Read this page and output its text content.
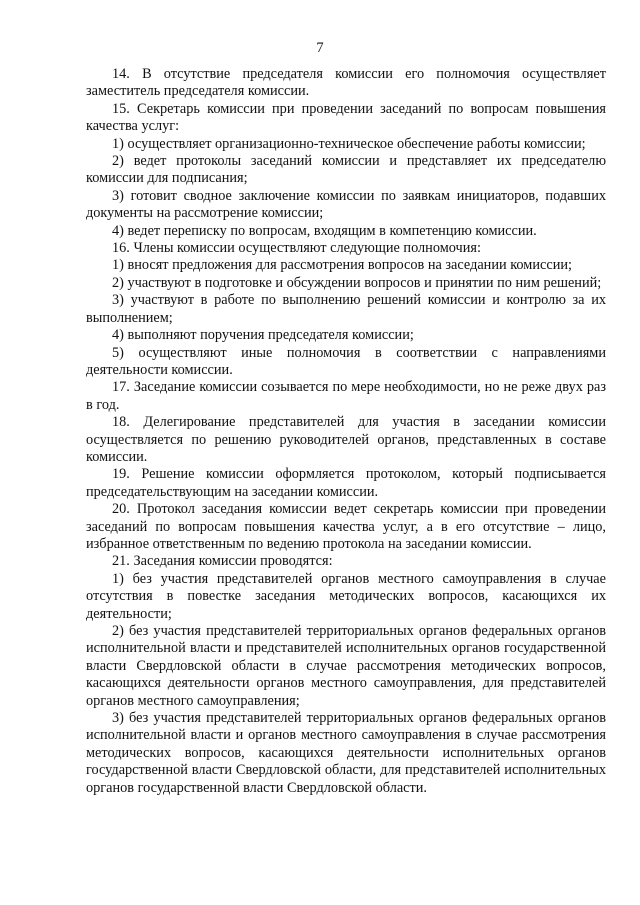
7

14. В отсутствие председателя комиссии его полномочия осуществляет заместитель председателя комиссии.

15. Секретарь комиссии при проведении заседаний по вопросам повышения качества услуг:

1) осуществляет организационно-техническое обеспечение работы комиссии;

2) ведет протоколы заседаний комиссии и представляет их председателю комиссии для подписания;

3) готовит сводное заключение комиссии по заявкам инициаторов, подавших документы на рассмотрение комиссии;

4) ведет переписку по вопросам, входящим в компетенцию комиссии.

16. Члены комиссии осуществляют следующие полномочия:

1) вносят предложения для рассмотрения вопросов на заседании комиссии;

2) участвуют в подготовке и обсуждении вопросов и принятии по ним решений;

3) участвуют в работе по выполнению решений комиссии и контролю за их выполнением;

4) выполняют поручения председателя комиссии;

5) осуществляют иные полномочия в соответствии с направлениями деятельности комиссии.

17. Заседание комиссии созывается по мере необходимости, но не реже двух раз в год.

18. Делегирование представителей для участия в заседании комиссии осуществляется по решению руководителей органов, представленных в составе комиссии.

19. Решение комиссии оформляется протоколом, который подписывается председательствующим на заседании комиссии.

20. Протокол заседания комиссии ведет секретарь комиссии при проведении заседаний по вопросам повышения качества услуг, а в его отсутствие – лицо, избранное ответственным по ведению протокола на заседании комиссии.

21. Заседания комиссии проводятся:

1) без участия представителей органов местного самоуправления в случае отсутствия в повестке заседания методических вопросов, касающихся их деятельности;

2) без участия представителей территориальных органов федеральных органов исполнительной власти и представителей исполнительных органов государственной власти Свердловской области в случае рассмотрения методических вопросов, касающихся деятельности органов местного самоуправления, для представителей органов местного самоуправления;

3) без участия представителей территориальных органов федеральных органов исполнительной власти и органов местного самоуправления в случае рассмотрения методических вопросов, касающихся деятельности исполнительных органов государственной власти Свердловской области, для представителей исполнительных органов государственной власти Свердловской области.
